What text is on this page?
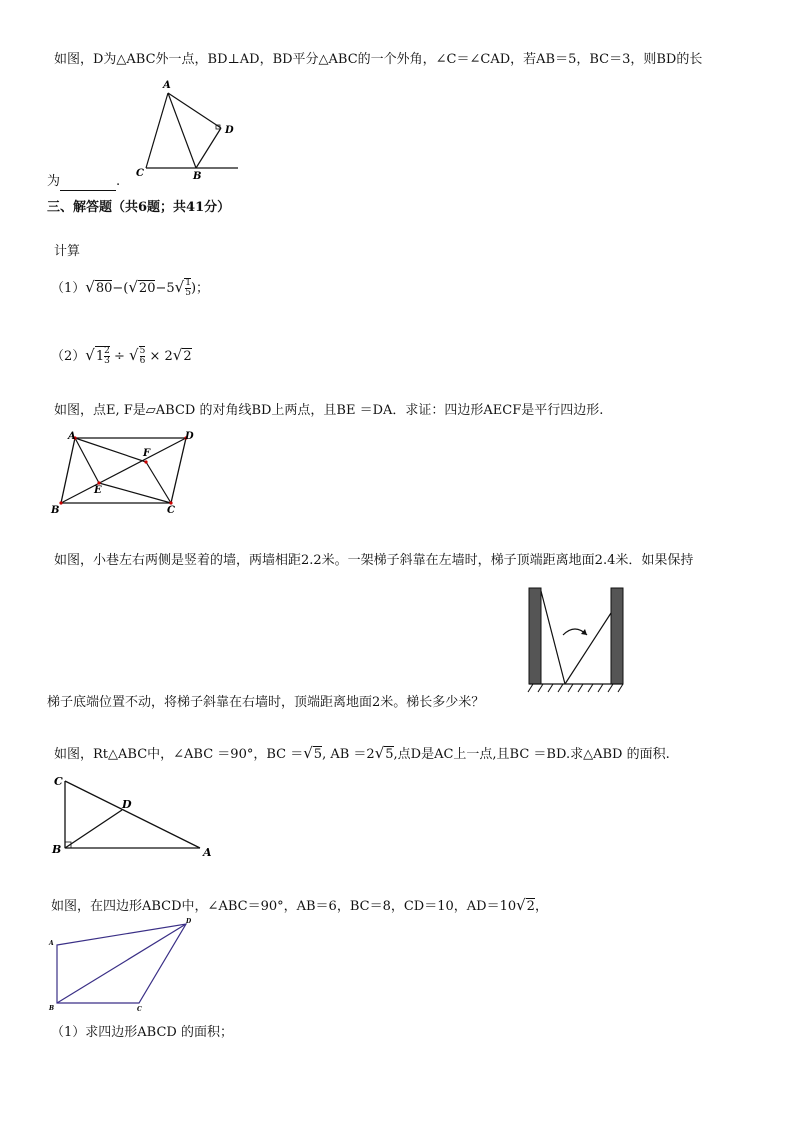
如图，D为△ABC外一点，BD⊥AD，BD平分△ABC的一个外角，∠C＝∠CAD，若AB＝5，BC＝3，则BD的长
A
D
C	B
为	.
三、解答题（共6题；共41分）
计算
$(1)√80-(√20-5√ \frac{1}{5}$ )；
$(2)√1 \frac{2}{3}$ ÷ √ $\frac{5}{6} \times 2√2$
如图，点E, F是▱ABCD 的对角线BD上两点，且BE ＝DA．求证：四边形AECF是平行四边形.
A	D
B	C
E
F
如图，小巷左右两侧是竖着的墙，两墙相距2.2米。一架梯子斜靠在左墙时，梯子顶端距离地面2.4米．如果保持
梯子底端位置不动，将梯子斜靠在右墙时，顶端距离地面2米。梯长多少米？
如图，Rt△ABC中，∠ABC ＝90°，BC ＝√5, AB ＝2√5,点D是AC上一点,且BC ＝BD.求△ABD 的面积.
C
D
B	A
如图，在四边形ABCD中，∠ABC＝90°，AB＝6，BC＝8，CD＝10，AD＝10√2，
A
D
B	C
（1）求四边形ABCD 的面积；
